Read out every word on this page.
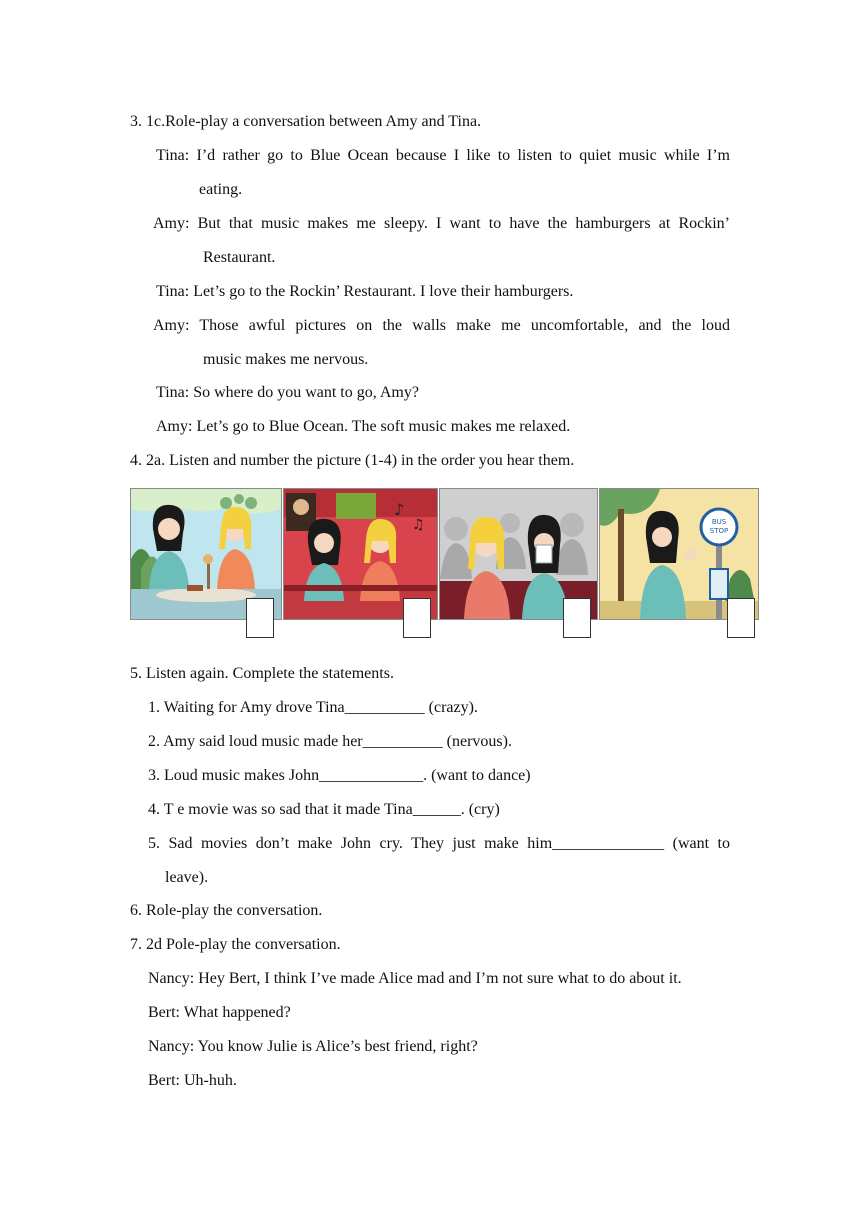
3. 1c.Role-play a conversation between Amy and Tina.
Tina: I’d rather go to Blue Ocean because I like to listen to quiet music while I’m
eating.
Amy: But that music makes me sleepy. I want to have the hamburgers at Rockin’
Restaurant.
Tina: Let’s go to the Rockin’ Restaurant. I love their hamburgers.
Amy: Those awful pictures on the walls make me uncomfortable, and the loud
music makes me nervous.
Tina: So where do you want to go, Amy?
Amy: Let’s go to Blue Ocean. The soft music makes me relaxed.
4. 2a. Listen and number the picture (1-4) in the order you hear them.
♪
♫	BUS
STOP
5. Listen again. Complete the statements.
1. Waiting for Amy drove Tina__________ (crazy).
2. Amy said loud music made her__________ (nervous).
3. Loud music makes John_____________. (want to dance)
4. T e movie was so sad that it made Tina______. (cry)
5. Sad movies don’t make John cry. They just make him______________ (want to
leave).
6. Role-play the conversation.
7. 2d Pole-play the conversation.
Nancy: Hey Bert, I think I’ve made Alice mad and I’m not sure what to do about it.
Bert: What happened?
Nancy: You know Julie is Alice’s best friend, right?
Bert: Uh-huh.
